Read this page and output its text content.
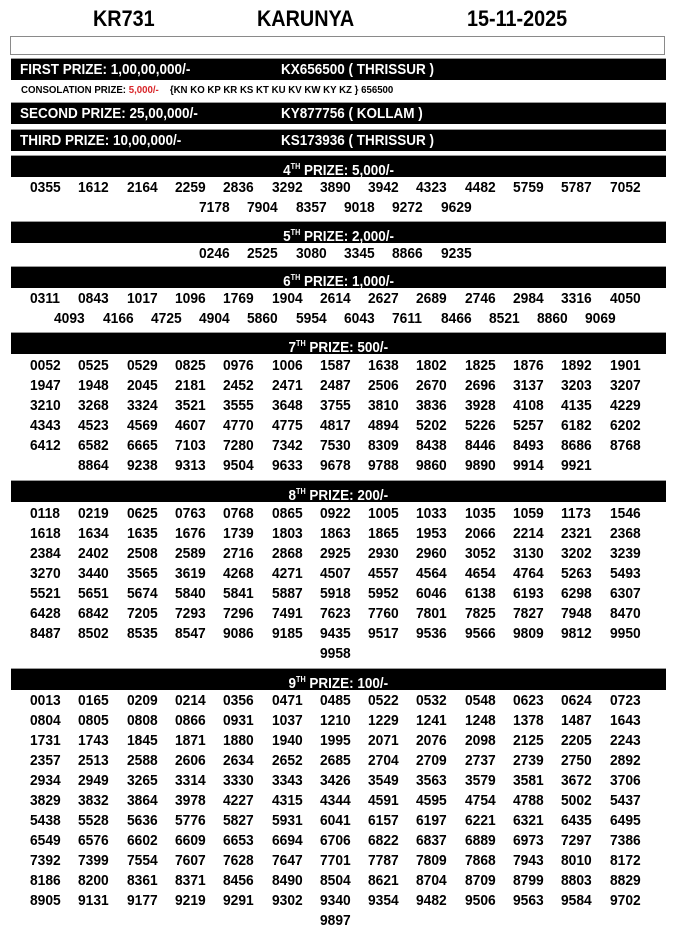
KR731	KARUNYA	15-11-2025
FIRST PRIZE: 1,00,00,000/-	KX656500 ( THRISSUR )
CONSOLATION PRIZE: 5,000/- {KN KO KP KR KS KT KU KV KW KY KZ } 656500
SECOND PRIZE: 25,00,000/-	KY877756 ( KOLLAM )
THIRD PRIZE: 10,00,000/-	KS173936 ( THRISSUR )
4TH PRIZE: 5,000/-
0355	1612	2164	2259	2836	3292	3890	3942	4323	4482	5759	5787	7052
7178	7904	8357	9018	9272	9629
5TH PRIZE: 2,000/-
0246	2525	3080	3345	8866	9235
6TH PRIZE: 1,000/-
0311	0843	1017	1096	1769	1904	2614	2627	2689	2746	2984	3316	4050
4093	4166	4725	4904	5860	5954	6043	7611	8466	8521	8860	9069
7TH PRIZE: 500/-
0052	0525	0529	0825	0976	1006	1587	1638	1802	1825	1876	1892	1901
1947	1948	2045	2181	2452	2471	2487	2506	2670	2696	3137	3203	3207
3210	3268	3324	3521	3555	3648	3755	3810	3836	3928	4108	4135	4229
4343	4523	4569	4607	4770	4775	4817	4894	5202	5226	5257	6182	6202
6412	6582	6665	7103	7280	7342	7530	8309	8438	8446	8493	8686	8768
8864	9238	9313	9504	9633	9678	9788	9860	9890	9914	9921
8TH PRIZE: 200/-
0118	0219	0625	0763	0768	0865	0922	1005	1033	1035	1059	1173	1546
1618	1634	1635	1676	1739	1803	1863	1865	1953	2066	2214	2321	2368
2384	2402	2508	2589	2716	2868	2925	2930	2960	3052	3130	3202	3239
3270	3440	3565	3619	4268	4271	4507	4557	4564	4654	4764	5263	5493
5521	5651	5674	5840	5841	5887	5918	5952	6046	6138	6193	6298	6307
6428	6842	7205	7293	7296	7491	7623	7760	7801	7825	7827	7948	8470
8487	8502	8535	8547	9086	9185	9435	9517	9536	9566	9809	9812	9950
9958
9TH PRIZE: 100/-
0013	0165	0209	0214	0356	0471	0485	0522	0532	0548	0623	0624	0723
0804	0805	0808	0866	0931	1037	1210	1229	1241	1248	1378	1487	1643
1731	1743	1845	1871	1880	1940	1995	2071	2076	2098	2125	2205	2243
2357	2513	2588	2606	2634	2652	2685	2704	2709	2737	2739	2750	2892
2934	2949	3265	3314	3330	3343	3426	3549	3563	3579	3581	3672	3706
3829	3832	3864	3978	4227	4315	4344	4591	4595	4754	4788	5002	5437
5438	5528	5636	5776	5827	5931	6041	6157	6197	6221	6321	6435	6495
6549	6576	6602	6609	6653	6694	6706	6822	6837	6889	6973	7297	7386
7392	7399	7554	7607	7628	7647	7701	7787	7809	7868	7943	8010	8172
8186	8200	8361	8371	8456	8490	8504	8621	8704	8709	8799	8803	8829
8905	9131	9177	9219	9291	9302	9340	9354	9482	9506	9563	9584	9702
9897
